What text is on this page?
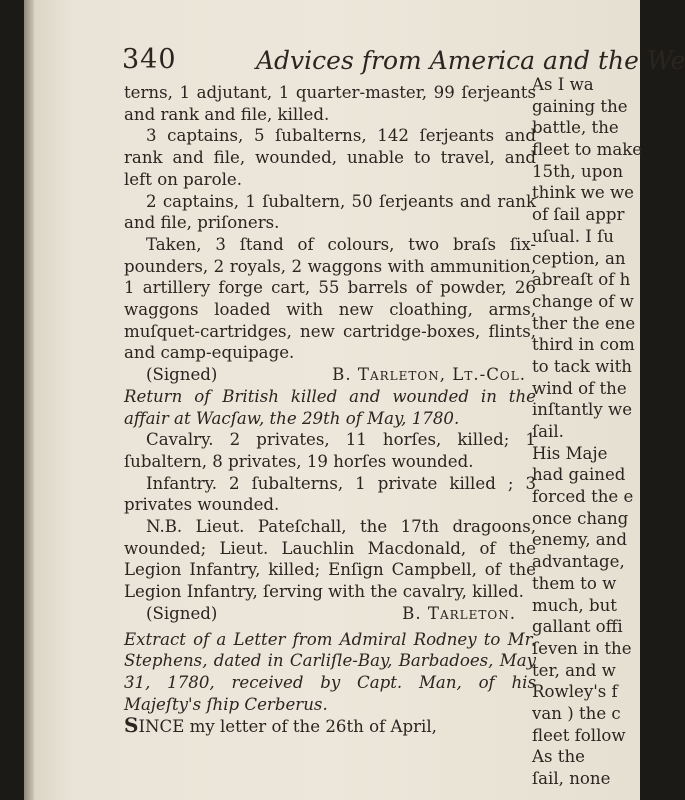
340	Advices from America and the We

terns, 1 adjutant, 1 quarter-master, 99 ſerjeants and rank and file, killed.

3 captains, 5 ſubalterns, 142 ſerjeants and rank and file, wounded, unable to travel, and left on parole.

2 captains, 1 ſubaltern, 50 ſerjeants and rank and file, priſoners.

Taken, 3 ſtand of colours, two braſs ſix-pounders, 2 royals, 2 waggons with ammunition, 1 artillery forge cart, 55 barrels of powder, 26 waggons loaded with new cloathing, arms, muſquet-cartridges, new cartridge-boxes, flints, and camp-equipage.

(Signed)	B. Tarleton, Lt.-Col.

Return of British killed and wounded in the affair at Wacſaw, the 29th of May, 1780.

Cavalry. 2 privates, 11 horſes, killed; 1 ſubaltern, 8 privates, 19 horſes wounded.

Infantry. 2 ſubalterns, 1 private killed ; 3 privates wounded.

N.B. Lieut. Pateſchall, the 17th dragoons, wounded; Lieut. Lauchlin Macdonald, of the Legion Infantry, killed; Enſign Campbell, of the Legion Infantry, ſerving with the cavalry, killed.

(Signed)	B. Tarleton.

Extract of a Letter from Admiral Rodney to Mr. Stephens, dated in Carliſle-Bay, Barbadoes, May 31, 1780, received by Capt. Man, of his Majeſty's ſhip Cerberus.

SINCE my letter of the 26th of April,

As I wa
gaining the
battle, the
fleet to make
15th, upon
think we we
of ſail appr
uſual. I ſu
ception, an
abreaſt of h
change of w
ther the ene
third in com
to tack with
wind of the
inſtantly we
ſail.
His Maje
had gained
forced the e
once chang
enemy, and
advantage,
them to w
much, but
gallant offi
ſeven in the
ter, and w
Rowley's f
van ) the c
fleet follow
As the
ſail, none
